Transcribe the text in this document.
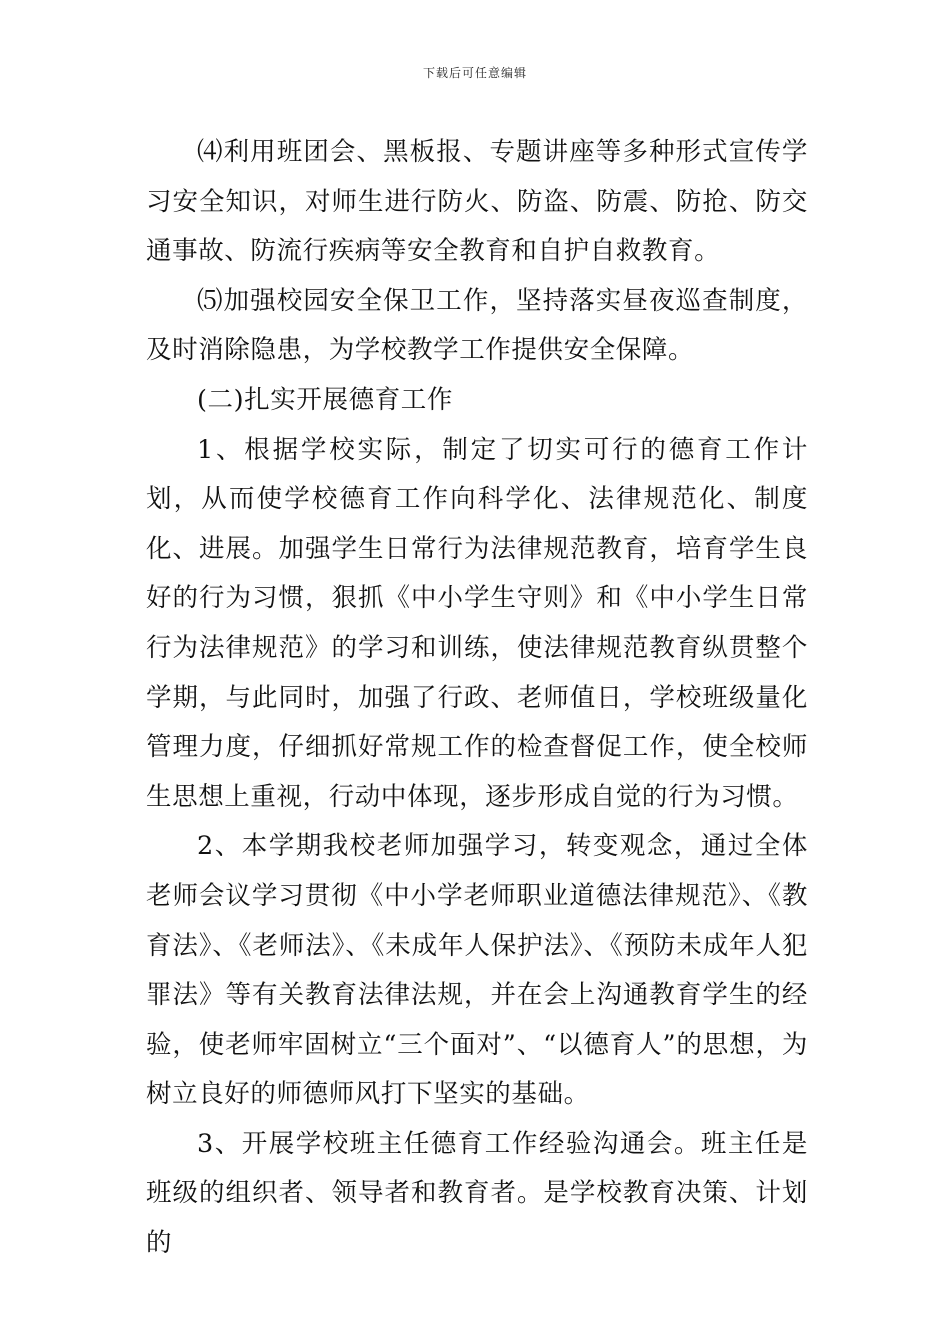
下载后可任意编辑

⑷利用班团会、黑板报、专题讲座等多种形式宣传学习安全知识，对师生进行防火、防盗、防震、防抢、防交通事故、防流行疾病等安全教育和自护自救教育。

⑸加强校园安全保卫工作，坚持落实昼夜巡查制度，及时消除隐患，为学校教学工作提供安全保障。

(二)扎实开展德育工作

1、根据学校实际，制定了切实可行的德育工作计划，从而使学校德育工作向科学化、法律规范化、制度化、进展。加强学生日常行为法律规范教育，培育学生良好的行为习惯，狠抓《中小学生守则》和《中小学生日常行为法律规范》的学习和训练，使法律规范教育纵贯整个学期，与此同时，加强了行政、老师值日，学校班级量化管理力度，仔细抓好常规工作的检查督促工作，使全校师生思想上重视，行动中体现，逐步形成自觉的行为习惯。

2、本学期我校老师加强学习，转变观念，通过全体老师会议学习贯彻《中小学老师职业道德法律规范》、《教育法》、《老师法》、《未成年人保护法》、《预防未成年人犯罪法》等有关教育法律法规，并在会上沟通教育学生的经验，使老师牢固树立“三个面对”、“以德育人”的思想，为树立良好的师德师风打下坚实的基础。

3、开展学校班主任德育工作经验沟通会。班主任是班级的组织者、领导者和教育者。是学校教育决策、计划的
